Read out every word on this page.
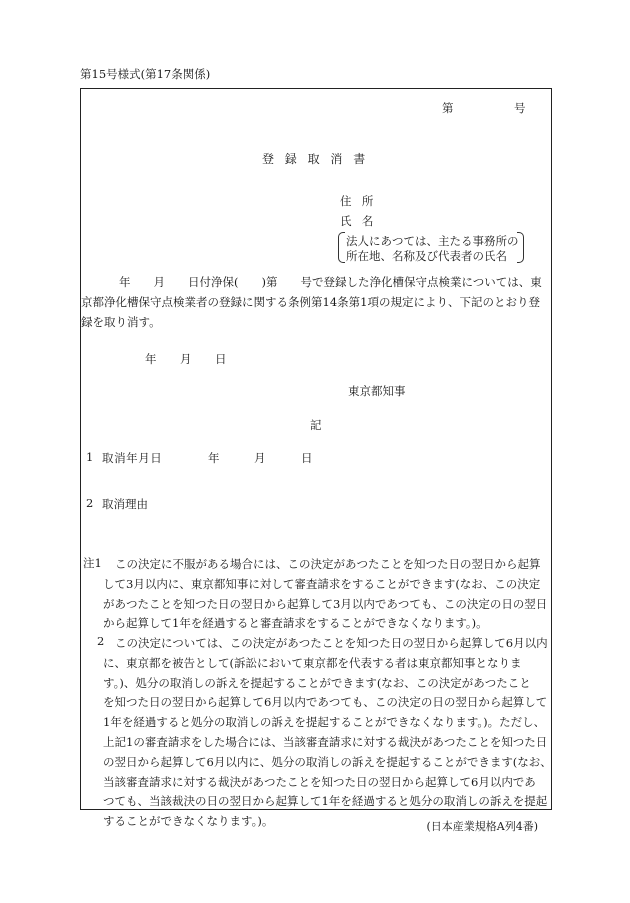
第15号様式(第17条関係)
第	号
登録取消書
住所
氏名
法人にあつては、主たる事務所の
所在地、名称及び代表者の氏名
年　　月　　日付浄保(　　)第　　号で登録した浄化槽保守点検業については、東
京都浄化槽保守点検業者の登録に関する条例第14条第1項の規定により、下記のとおり登
録を取り消す。
年 月 日
東京都知事
記
1 取消年月日	年	月	日
2 取消理由
注1	この決定に不服がある場合には、この決定があつたことを知つた日の翌日から起算
して3月以内に、東京都知事に対して審査請求をすることができます(なお、この決定
があつたことを知つた日の翌日から起算して3月以内であつても、この決定の日の翌日
から起算して1年を経過すると審査請求をすることができなくなります。)。
2 この決定については、この決定があつたことを知つた日の翌日から起算して6月以内
に、東京都を被告として(訴訟において東京都を代表する者は東京都知事となりま
す。)、処分の取消しの訴えを提起することができます(なお、この決定があつたこと
を知つた日の翌日から起算して6月以内であつても、この決定の日の翌日から起算して
1年を経過すると処分の取消しの訴えを提起することができなくなります。)。ただし、
上記1の審査請求をした場合には、当該審査請求に対する裁決があつたことを知つた日
の翌日から起算して6月以内に、処分の取消しの訴えを提起することができます(なお、
当該審査請求に対する裁決があつたことを知つた日の翌日から起算して6月以内であ
つても、当該裁決の日の翌日から起算して1年を経過すると処分の取消しの訴えを提起
することができなくなります。)。	(日本産業規格A列4番)
